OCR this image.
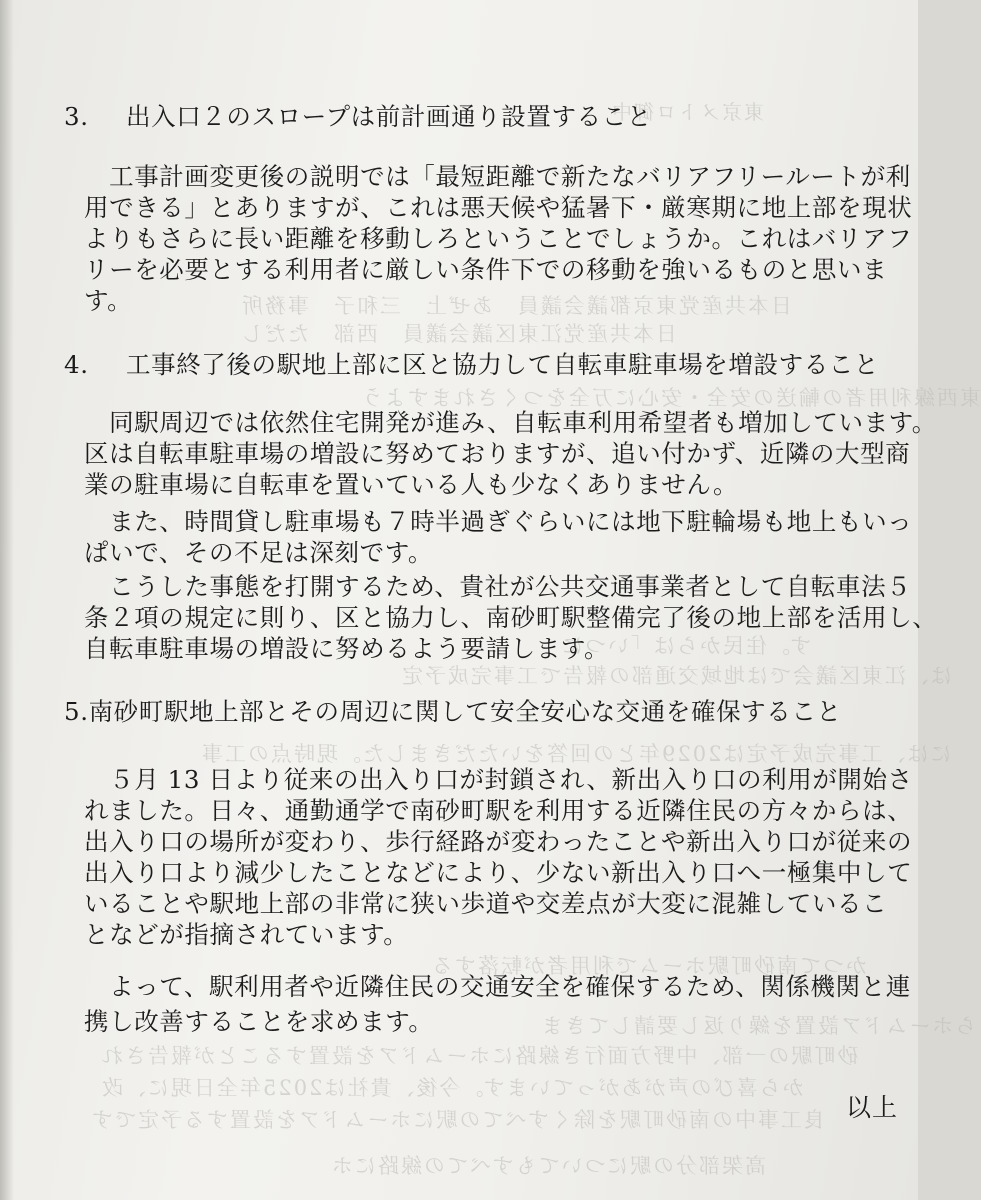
東京メトロ御中
日本共産党東京都議会議員　あぜ上　三和子　事務所
日本共産党江東区議会議員　西部　ただし
東西線利用者の輸送の安全・安心に万全をつくされますよう
す。住民からは「いつに
は、江東区議会では地域交通部の報告で工事完成予定
には、工事完成予定は2029年との回答をいただきました。現時点の工事
かつて南砂町駅ホームで利用者が転落する
らホームドア設置を繰り返し要請してきま
砂町駅の一部、中野方面行き線路にホームドアを設置することが報告され
から喜びの声があがっています。今後、貴社は2025年全日現に、改
良工事中の南砂町駅を除くすべての駅にホームドアを設置する予定です
高架部分の駅についてもすべての線路にホ
3. 出入口２のスロープは前計画通り設置すること
　工事計画変更後の説明では「最短距離で新たなバリアフリールートが利
用できる」とありますが、これは悪天候や猛暑下・厳寒期に地上部を現状
よりもさらに長い距離を移動しろということでしょうか。これはバリアフ
リーを必要とする利用者に厳しい条件下での移動を強いるものと思いま
す。
4. 工事終了後の駅地上部に区と協力して自転車駐車場を増設すること
　同駅周辺では依然住宅開発が進み、自転車利用希望者も増加しています。
区は自転車駐車場の増設に努めておりますが、追い付かず、近隣の大型商
業の駐車場に自転車を置いている人も少なくありません。
　また、時間貸し駐車場も７時半過ぎぐらいには地下駐輪場も地上もいっ
ぱいで、その不足は深刻です。
　こうした事態を打開するため、貴社が公共交通事業者として自転車法５
条２項の規定に則り、区と協力し、南砂町駅整備完了後の地上部を活用し、
自転車駐車場の増設に努めるよう要請します。
5.南砂町駅地上部とその周辺に関して安全安心な交通を確保すること
　５月 13 日より従来の出入り口が封鎖され、新出入り口の利用が開始さ
れました。日々、通勤通学で南砂町駅を利用する近隣住民の方々からは、
出入り口の場所が変わり、歩行経路が変わったことや新出入り口が従来の
出入り口より減少したことなどにより、少ない新出入り口へ一極集中して
いることや駅地上部の非常に狭い歩道や交差点が大変に混雑しているこ
となどが指摘されています。
　よって、駅利用者や近隣住民の交通安全を確保するため、関係機関と連
携し改善することを求めます。
以上
